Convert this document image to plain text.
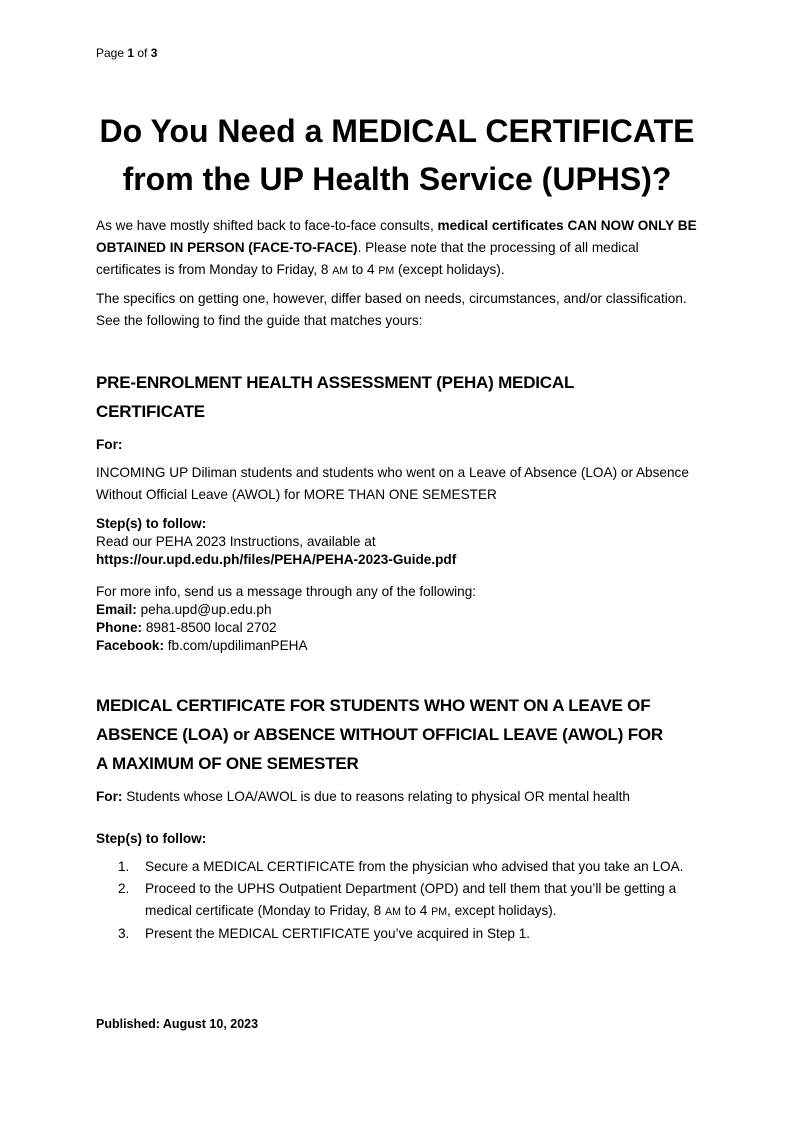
Page 1 of 3
Do You Need a MEDICAL CERTIFICATE
from the UP Health Service (UPHS)?

As we have mostly shifted back to face-to-face consults, medical certificates CAN NOW ONLY BE OBTAINED IN PERSON (FACE-TO-FACE). Please note that the processing of all medical certificates is from Monday to Friday, 8 AM to 4 PM (except holidays).

The specifics on getting one, however, differ based on needs, circumstances, and/or classification. See the following to find the guide that matches yours:

PRE-ENROLMENT HEALTH ASSESSMENT (PEHA) MEDICAL
CERTIFICATE

For:

INCOMING UP Diliman students and students who went on a Leave of Absence (LOA) or Absence Without Official Leave (AWOL) for MORE THAN ONE SEMESTER

Step(s) to follow:
Read our PEHA 2023 Instructions, available at
https://our.upd.edu.ph/files/PEHA/PEHA-2023-Guide.pdf
For more info, send us a message through any of the following:
Email: peha.upd@up.edu.ph
Phone: 8981-8500 local 2702
Facebook: fb.com/updilimanPEHA
MEDICAL CERTIFICATE FOR STUDENTS WHO WENT ON A LEAVE OF
ABSENCE (LOA) or ABSENCE WITHOUT OFFICIAL LEAVE (AWOL) FOR
A MAXIMUM OF ONE SEMESTER

For: Students whose LOA/AWOL is due to reasons relating to physical OR mental health

Step(s) to follow:

1.	Secure a MEDICAL CERTIFICATE from the physician who advised that you take an LOA.
2.	Proceed to the UPHS Outpatient Department (OPD) and tell them that you’ll be getting a medical certificate (Monday to Friday, 8 AM to 4 PM, except holidays).
3.	Present the MEDICAL CERTIFICATE you’ve acquired in Step 1.
Published: August 10, 2023
